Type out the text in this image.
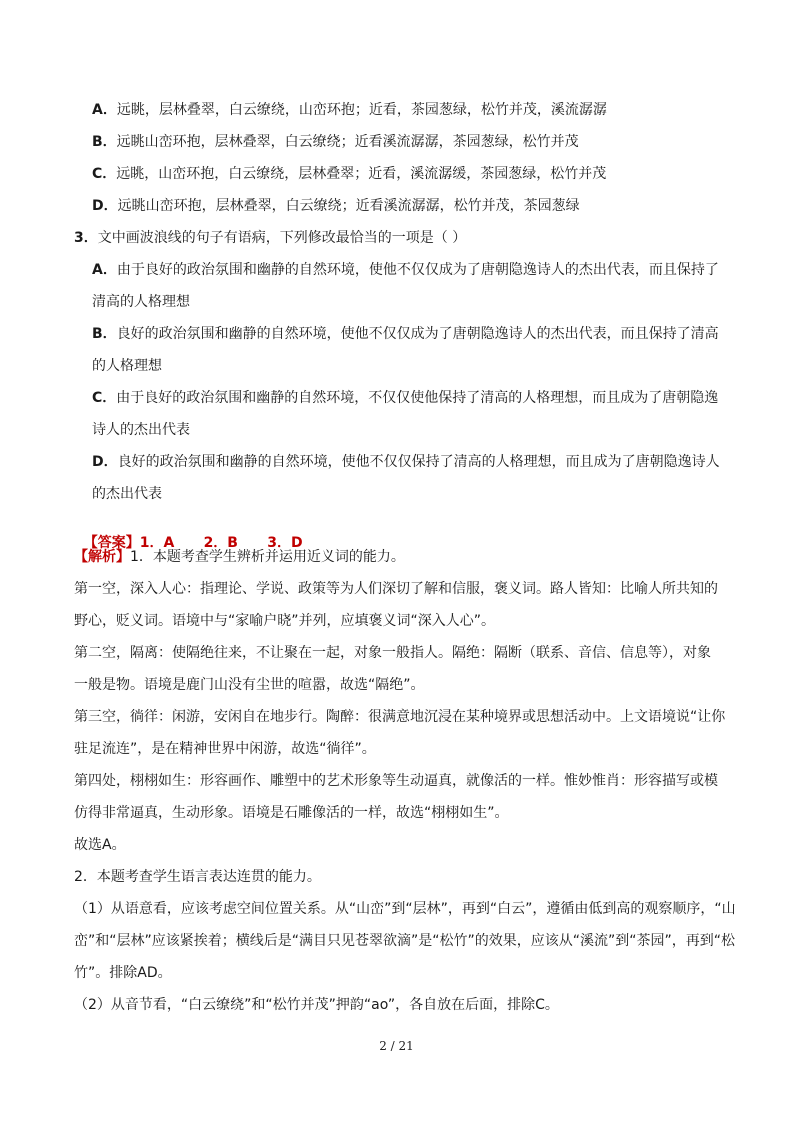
A．远眺，层林叠翠，白云缭绕，山峦环抱；近看，茶园葱绿，松竹并茂，溪流潺潺
B．远眺山峦环抱，层林叠翠，白云缭绕；近看溪流潺潺，茶园葱绿，松竹并茂
C．远眺，山峦环抱，白云缭绕，层林叠翠；近看，溪流潺缓，茶园葱绿，松竹并茂
D．远眺山峦环抱，层林叠翠，白云缭绕；近看溪流潺潺，松竹并茂，茶园葱绿
3．文中画波浪线的句子有语病，下列修改最恰当的一项是（ ）
A．由于良好的政治氛围和幽静的自然环境，使他不仅仅成为了唐朝隐逸诗人的杰出代表，而且保持了
清高的人格理想
B．良好的政治氛围和幽静的自然环境，使他不仅仅成为了唐朝隐逸诗人的杰出代表，而且保持了清高
的人格理想
C．由于良好的政治氛围和幽静的自然环境，不仅仅使他保持了清高的人格理想，而且成为了唐朝隐逸
诗人的杰出代表
D．良好的政治氛围和幽静的自然环境，使他不仅仅保持了清高的人格理想，而且成为了唐朝隐逸诗人
的杰出代表

【答案】1．A      2．B      3．D

【解析】1．本题考查学生辨析并运用近义词的能力。
第一空，深入人心：指理论、学说、政策等为人们深切了解和信服，褒义词。路人皆知：比喻人所共知的
野心，贬义词。语境中与“家喻户晓”并列，应填褒义词“深入人心”。
第二空，隔离：使隔绝往来，不让聚在一起，对象一般指人。隔绝：隔断（联系、音信、信息等），对象
一般是物。语境是鹿门山没有尘世的喧嚣，故选“隔绝”。
第三空，徜徉：闲游，安闲自在地步行。陶醉：很满意地沉浸在某种境界或思想活动中。上文语境说“让你
驻足流连”，是在精神世界中闲游，故选“徜徉”。
第四处，栩栩如生：形容画作、雕塑中的艺术形象等生动逼真，就像活的一样。惟妙惟肖：形容描写或模
仿得非常逼真，生动形象。语境是石雕像活的一样，故选“栩栩如生”。
故选A。
2．本题考查学生语言表达连贯的能力。
（1）从语意看，应该考虑空间位置关系。从“山峦”到“层林”，再到“白云”，遵循由低到高的观察顺序，“山
峦”和“层林”应该紧挨着；横线后是“满目只见苍翠欲滴”是“松竹”的效果，应该从“溪流”到“茶园”，再到“松
竹”。排除AD。
（2）从音节看，“白云缭绕”和“松竹并茂”押韵“ao”，各自放在后面，排除C。
2 / 21
